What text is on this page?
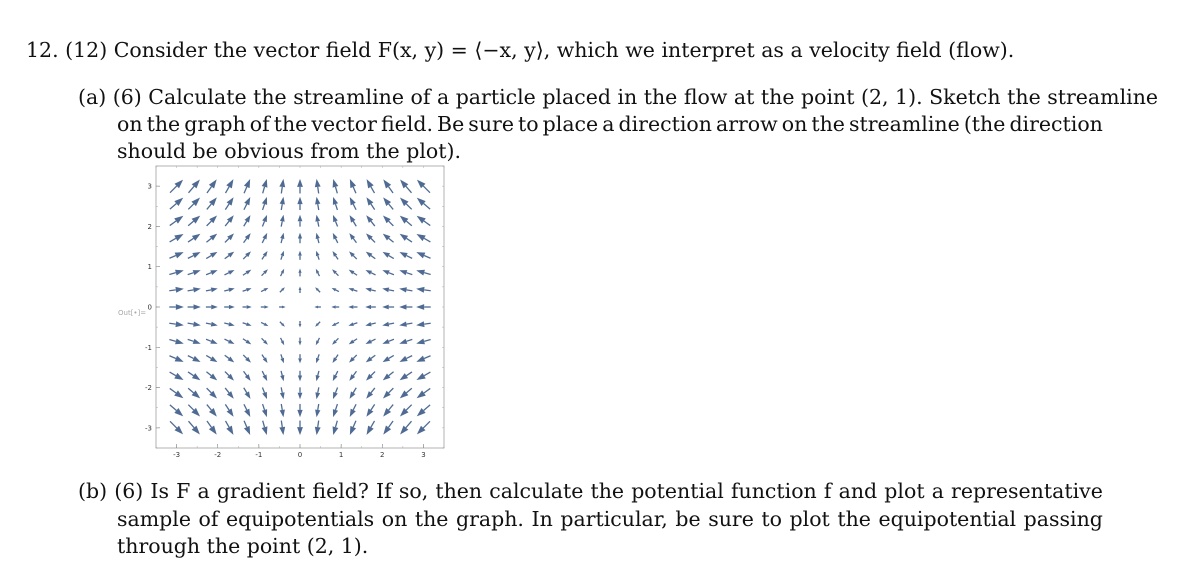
12. (12) Consider the vector field F(x, y) = ⟨−x, y⟩, which we interpret as a velocity field (flow).
(a) (6) Calculate the streamline of a particle placed in the flow at the point (2, 1). Sketch the streamline
on the graph of the vector field. Be sure to place a direction arrow on the streamline (the direction
should be obvious from the plot).
Out[•]=
3
2
1
0
-1
-2
-3
-3	-2	-1	0	1	2	3
(b) (6) Is F a gradient field? If so, then calculate the potential function f and plot a representative
sample of equipotentials on the graph. In particular, be sure to plot the equipotential passing
through the point (2, 1).
